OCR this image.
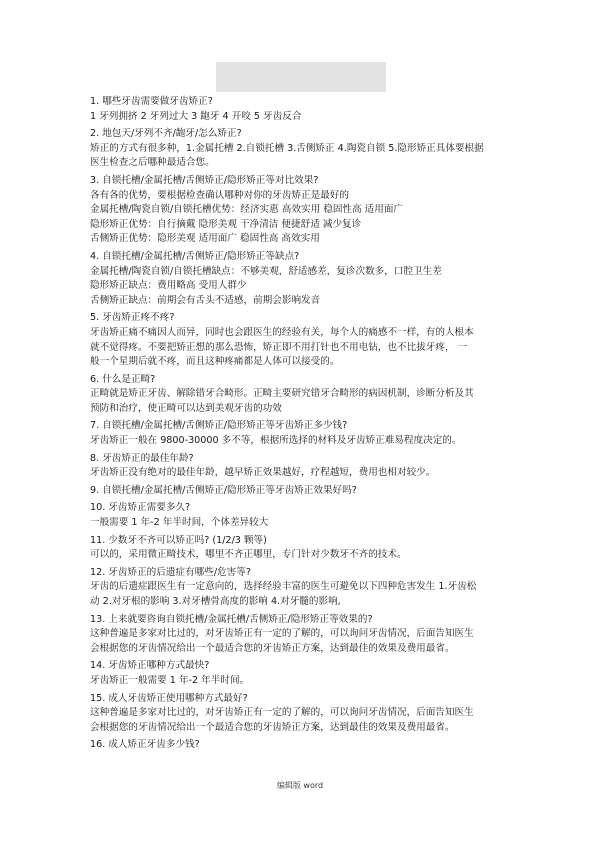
1. 哪些牙齿需要做牙齿矫正?
1 牙列拥挤 2 牙列过大 3 龅牙 4 开咬 5 牙齿反合
2. 地包天/牙列不齐/龅牙/怎么矫正?
矫正的方式有很多种，1.金属托槽 2.自锁托槽 3.舌侧矫正 4.陶瓷自锁 5.隐形矫正具体要根据
医生检查之后哪种最适合您。
3. 自锁托槽/金属托槽/舌侧矫正/隐形矫正等对比效果?
各有各的优势，要根据检查确认哪种对你的牙齿矫正是最好的
金属托槽/陶瓷自锁/自锁托槽优势：经济实惠 高效实用 稳固性高 适用面广
隐形矫正优势：自行摘戴 隐形美观 干净清洁 便捷舒适 减少复诊
舌侧矫正优势：隐形美观 适用面广 稳固性高 高效实用
4. 自锁托槽/金属托槽/舌侧矫正/隐形矫正等缺点?
金属托槽/陶瓷自锁/自锁托槽缺点：不够美观，舒适感差，复诊次数多，口腔卫生差
隐形矫正缺点：费用略高 受用人群少
舌侧矫正缺点：前期会有舌头不适感，前期会影响发音
5. 牙齿矫正疼不疼?
牙齿矫正痛不痛因人而异，同时也会跟医生的经验有关，每个人的痛感不一样，有的人根本
就不觉得疼。不要把矫正想的那么恐怖，矫正即不用打针也不用电钻，也不比拔牙疼， 一
般一个星期后就不疼，而且这种疼痛都是人体可以接受的。
6. 什么是正畸?
正畸就是矫正牙齿、解除错牙合畸形。正畸主要研究错牙合畸形的病因机制，诊断分析及其
预防和治疗，使正畸可以达到美观牙齿的功效
7. 自锁托槽/金属托槽/舌侧矫正/隐形矫正等牙齿矫正多少钱?
牙齿矫正一般在 9800-30000 多不等，根据所选择的材料及牙齿矫正难易程度决定的。
8. 牙齿矫正的最佳年龄?
牙齿矫正没有绝对的最佳年龄，越早矫正效果越好，疗程越短，费用也相对较少。
9. 自锁托槽/金属托槽/舌侧矫正/隐形矫正等牙齿矫正效果好吗?
10. 牙齿矫正需要多久?
一般需要 1 年-2 年半时间，个体差异较大
11. 少数牙不齐可以矫正吗? (1/2/3 颗等)
可以的，采用微正畸技术，哪里不齐正哪里，专门针对少数牙不齐的技术。
12. 牙齿矫正的后遗症有哪些/危害等?
牙齿的后遗症跟医生有一定意向的，选择经验丰富的医生可避免以下四种危害发生 1.牙齿松
动 2.对牙根的影响 3.对牙槽骨高度的影响 4.对牙髓的影响,
13. 上来就要咨询自锁托槽/金属托槽/舌侧矫正/隐形矫正等效果的?
这种普遍是多家对比过的，对牙齿矫正有一定的了解的，可以询问牙齿情况，后面告知医生
会根据您的牙齿情况给出一个最适合您的牙齿矫正方案，达到最佳的效果及费用最省。
14. 牙齿矫正哪种方式最快?
牙齿矫正一般需要 1 年-2 年半时间。
15. 成人牙齿矫正使用哪种方式最好?
这种普遍是多家对比过的，对牙齿矫正有一定的了解的，可以询问牙齿情况，后面告知医生
会根据您的牙齿情况给出一个最适合您的牙齿矫正方案，达到最佳的效果及费用最省。
16. 成人矫正牙齿多少钱?
编辑版 word
